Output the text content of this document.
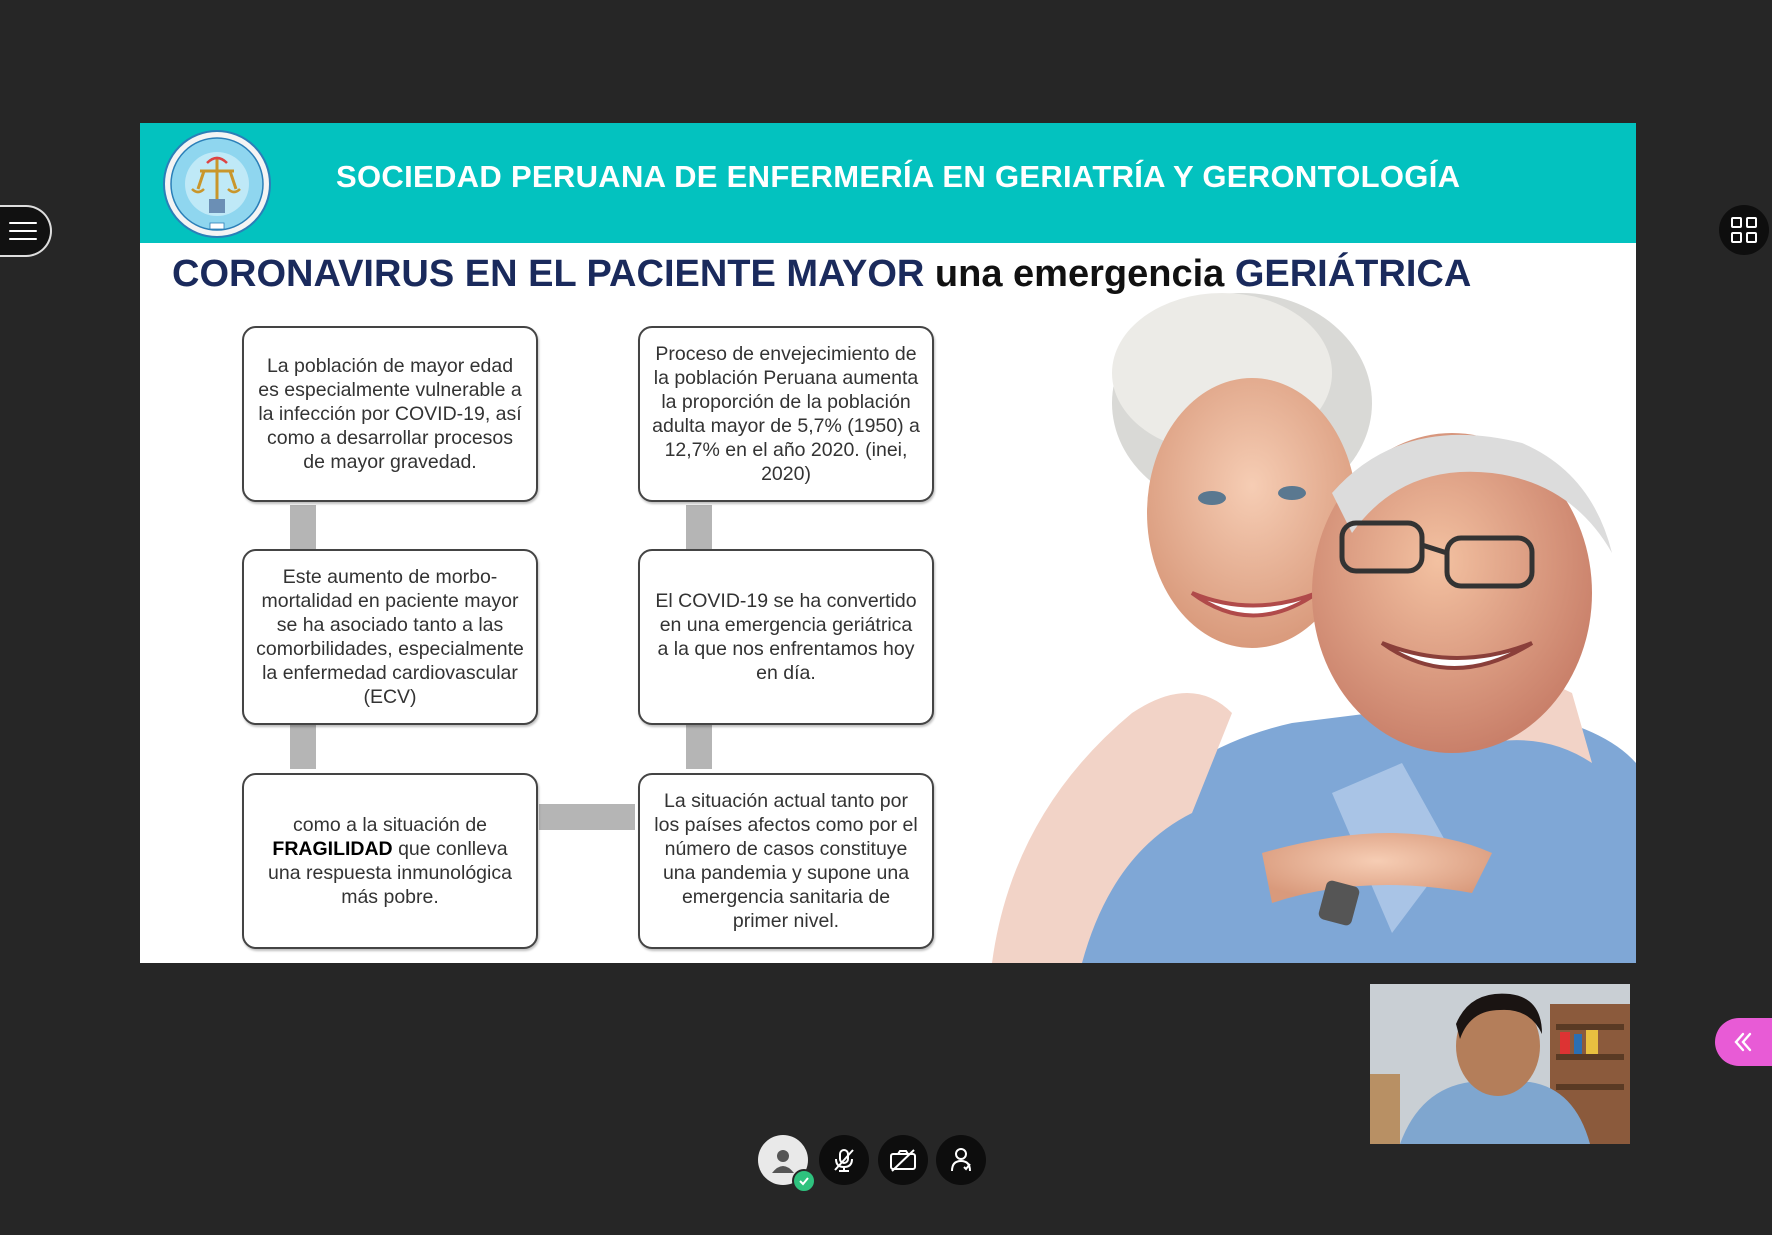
SOCIEDAD PERUANA DE ENFERMERÍA EN GERIATRÍA Y GERONTOLOGÍA
CORONAVIRUS EN EL PACIENTE MAYOR una emergencia GERIÁTRICA
La población de mayor edad es especialmente vulnerable a la infección por COVID-19, así como a desarrollar procesos de mayor gravedad.
Este aumento de morbo-mortalidad en paciente mayor se ha asociado tanto a las comorbilidades, especialmente la enfermedad cardiovascular (ECV)
como a la situación de FRAGILIDAD que conlleva una respuesta inmunológica más pobre.
Proceso de envejecimiento de la población Peruana aumenta la proporción de la población adulta mayor de 5,7% (1950) a 12,7% en el año 2020. (inei, 2020)
El COVID-19 se ha convertido en una emergencia geriátrica a la que nos enfrentamos hoy en día.
La situación actual tanto por los países afectos como por el número de casos constituye una pandemia y supone una emergencia sanitaria de primer nivel.
